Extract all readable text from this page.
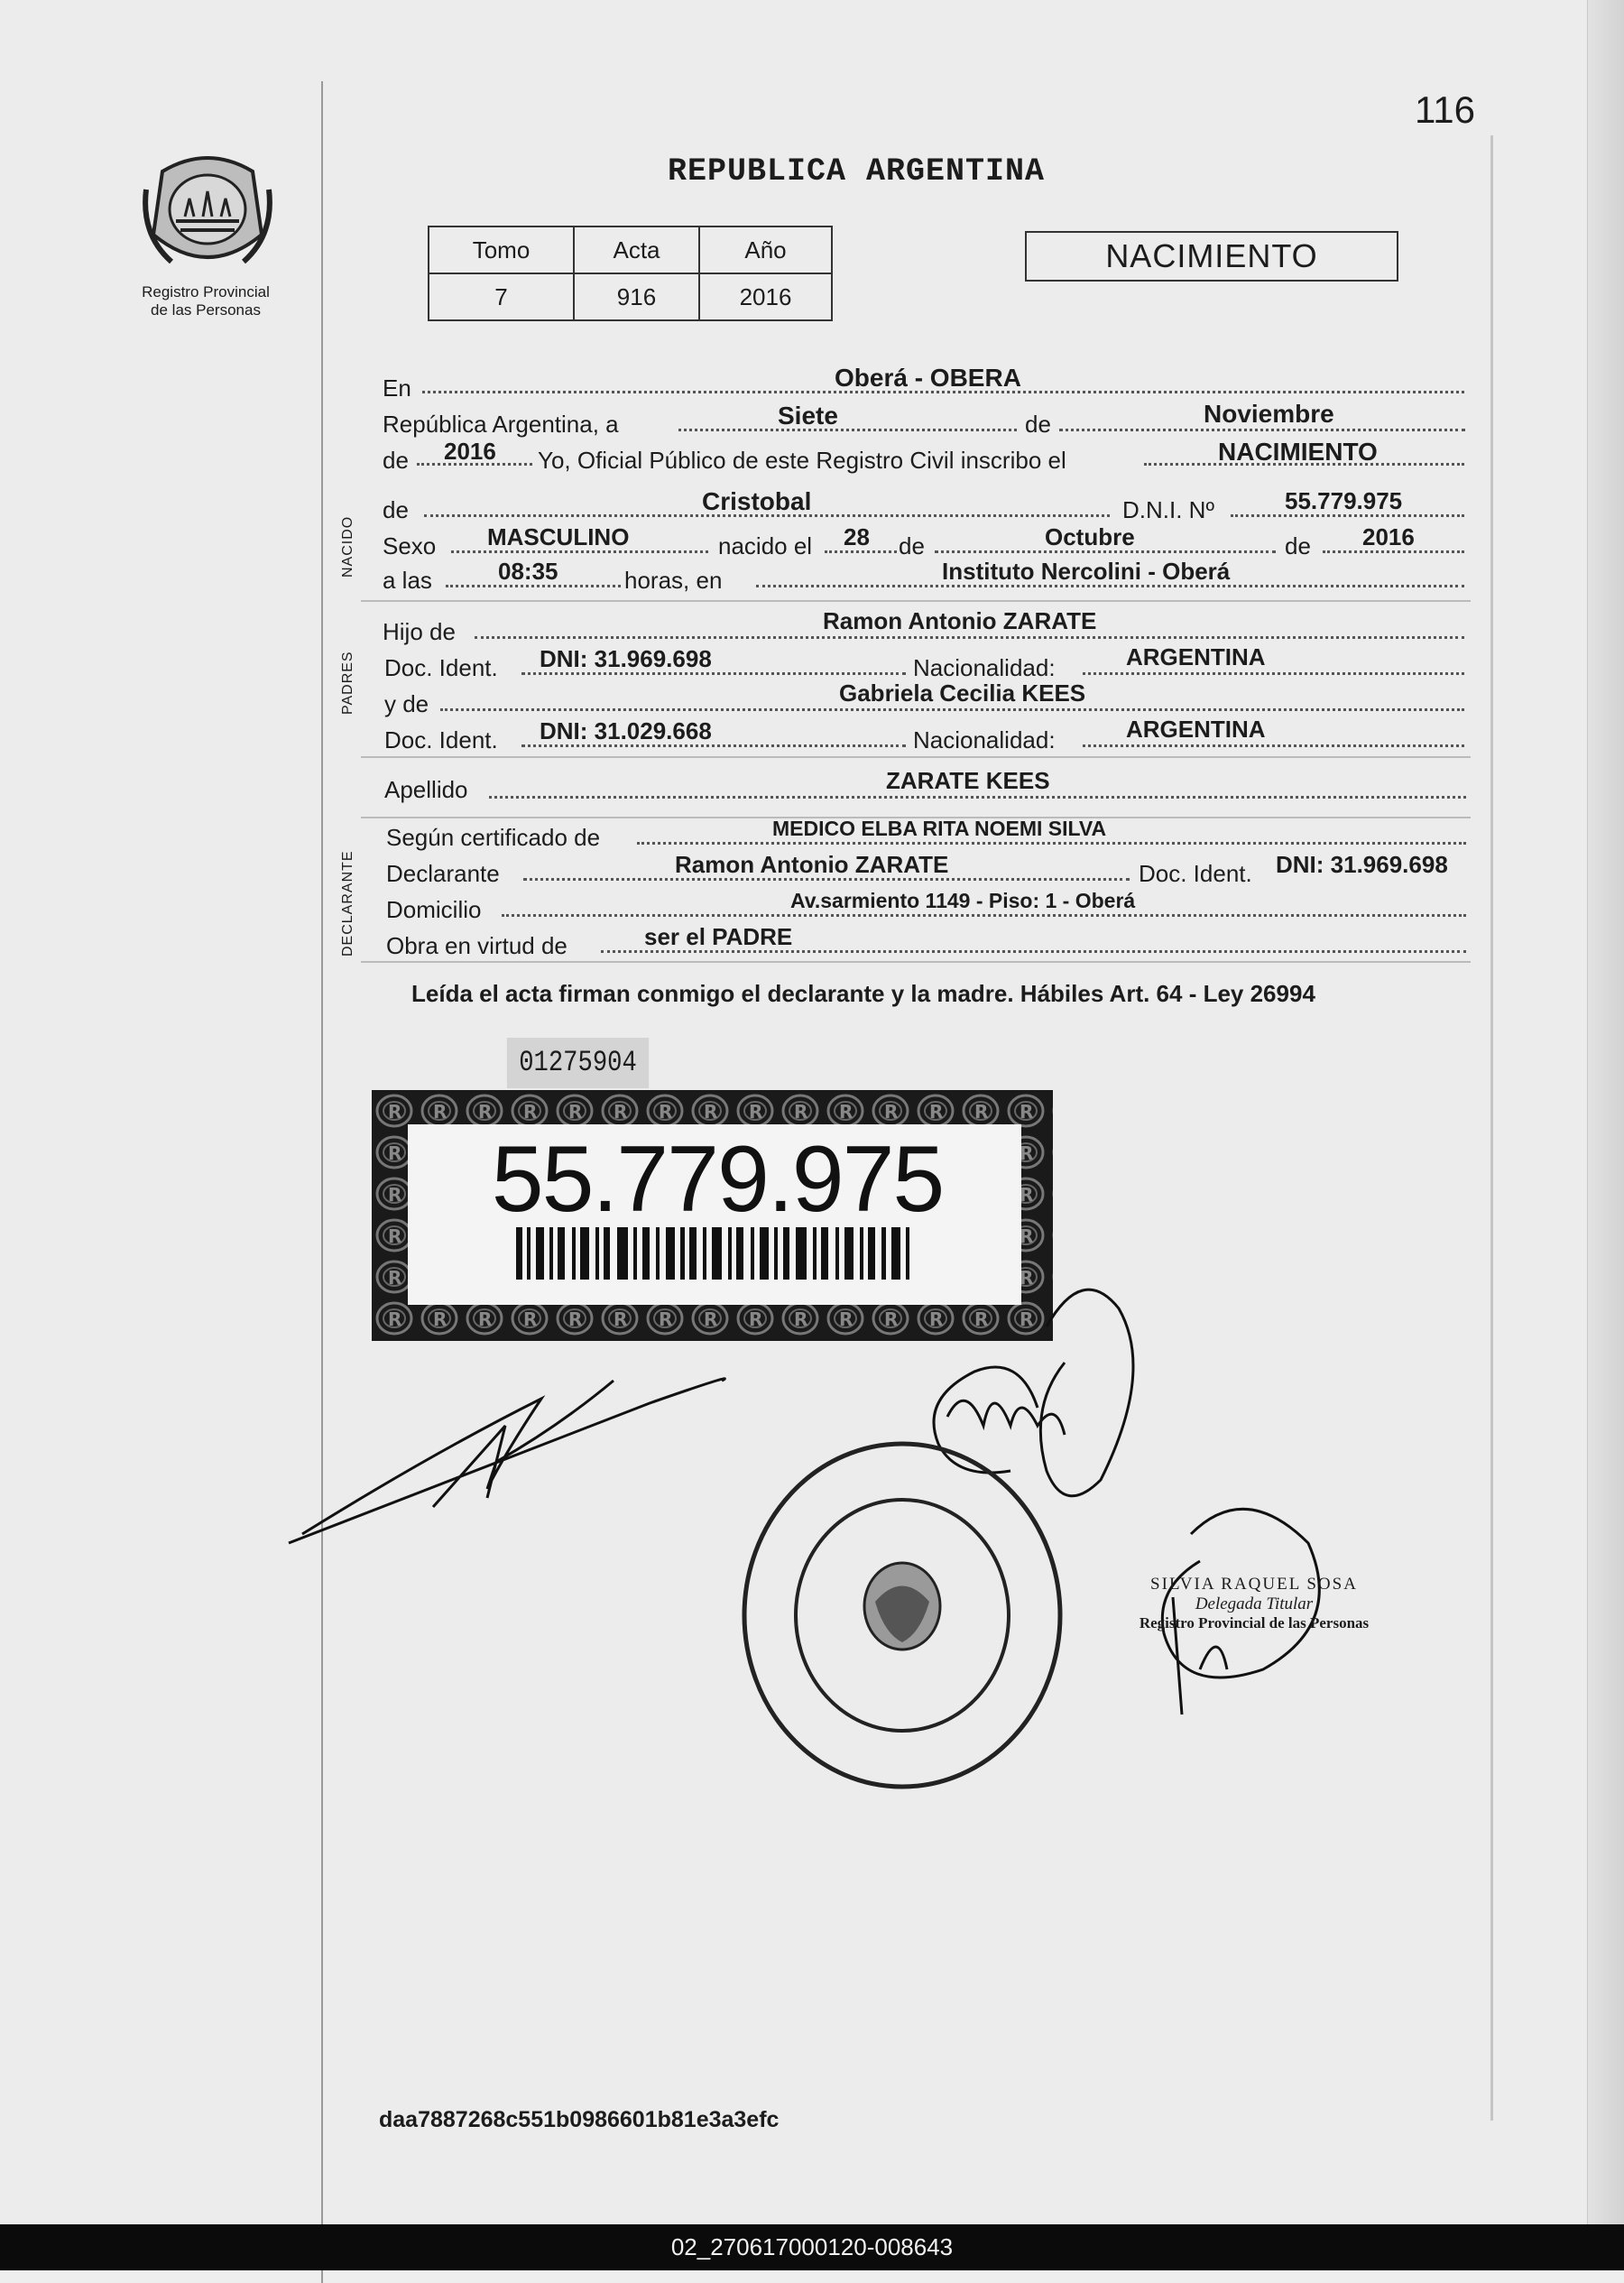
116
Registro Provincial
de las Personas
REPUBLICA ARGENTINA
Tomo	Acta	Año
7	916	2016
NACIMIENTO
En	Oberá - OBERA
República Argentina, a	Siete	de	Noviembre
de 2016 Yo, Oficial Público de este Registro Civil inscribo el	NACIMIENTO
NACIDO
de	Cristobal	D.N.I. Nº	55.779.975
Sexo MASCULINO	nacido el 28 de	Octubre	de 2016
a las	08:35	horas, en	Instituto Nercolini - Oberá
PADRES
Hijo de	Ramon Antonio ZARATE
Doc. Ident. DNI: 31.969.698	Nacionalidad:	ARGENTINA
y de	Gabriela Cecilia KEES
Doc. Ident. DNI: 31.029.668	Nacionalidad:	ARGENTINA
Apellido	ZARATE KEES
DECLARANTE
Según certificado de	MEDICO ELBA RITA NOEMI SILVA
Declarante	Ramon Antonio ZARATE	Doc. Ident. DNI: 31.969.698
Domicilio	Av.sarmiento 1149 - Piso: 1 - Oberá
Obra en virtud de	ser el PADRE
Leída el acta firman conmigo el declarante y la madre. Hábiles Art. 64 - Ley 26994
01275904
55.779.975
SILVIA RAQUEL SOSA
Delegada Titular
Registro Provincial de las Personas
daa7887268c551b0986601b81e3a3efc
02_270617000120-008643
